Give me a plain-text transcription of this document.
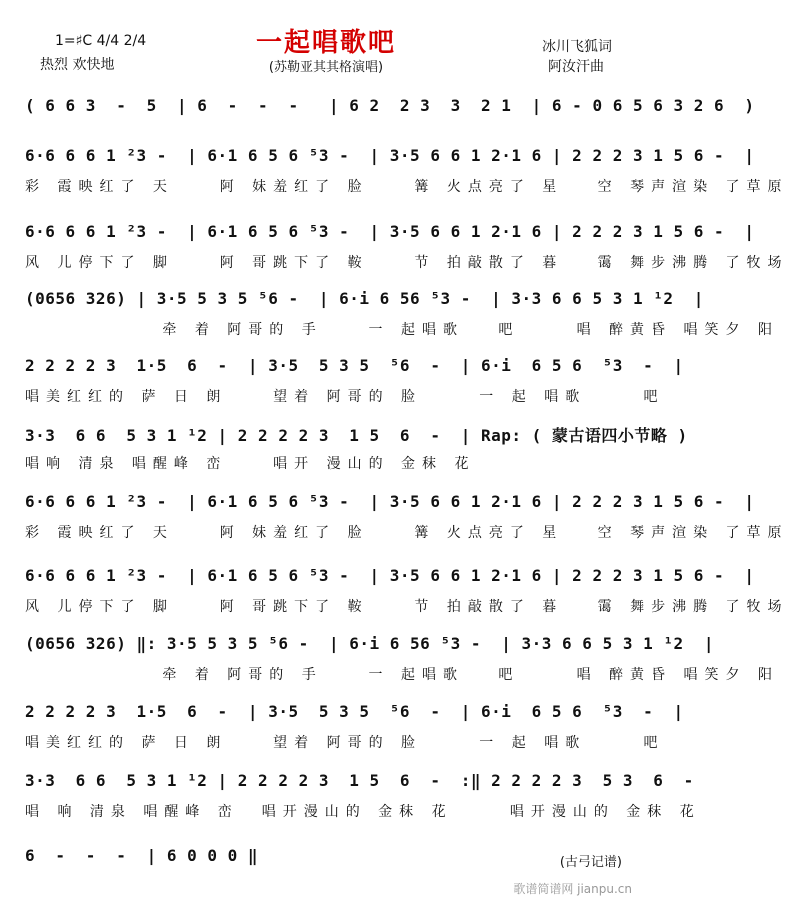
1=♯C 4/4 2/4
热烈 欢快地
一起唱歌吧
(苏勒亚其其格演唱)
冰川飞狐词
阿汝汗曲
( 6 6 3  -  5  | 6  -  -  -   | 6 2  2 3  3  2 1  | 6 - 0 6 5 6 3 2 6  )
6·6 6 6 1 ²3 -  | 6·1 6 5 6 ⁵3 -  | 3·5 6 6 1 2·1 6 | 2 2 2 3 1 5 6 -  |
彩 霞映红了 天    阿 妹羞红了 脸    篝 火点亮了 星   空 琴声渲染 了草原
6·6 6 6 1 ²3 -  | 6·1 6 5 6 ⁵3 -  | 3·5 6 6 1 2·1 6 | 2 2 2 3 1 5 6 -  |
风 儿停下了 脚    阿 哥跳下了 鞍    节 拍敲散了 暮   霭 舞步沸腾 了牧场
(0656 326) | 3·5 5 3 5 ⁵6 -  | 6·i 6 56 ⁵3 -  | 3·3 6 6 5 3 1 ¹2  |
牵 着 阿哥的 手    一 起唱歌   吧     唱 醉黄昏 唱笑夕 阳
2 2 2 2 3  1·5  6  -  | 3·5  5 3 5  ⁵6  -  | 6·i  6 5 6  ⁵3  -  |
唱美红红的 萨 日 朗    望着 阿哥的 脸     一 起 唱歌     吧
3·3  6 6  5 3 1 ¹2 | 2 2 2 2 3  1 5  6  -  | Rap: ( 蒙古语四小节略 )
唱响 清泉 唱醒峰 峦    唱开 漫山的 金秣 花
6·6 6 6 1 ²3 -  | 6·1 6 5 6 ⁵3 -  | 3·5 6 6 1 2·1 6 | 2 2 2 3 1 5 6 -  |
彩 霞映红了 天    阿 妹羞红了 脸    篝 火点亮了 星   空 琴声渲染 了草原
6·6 6 6 1 ²3 -  | 6·1 6 5 6 ⁵3 -  | 3·5 6 6 1 2·1 6 | 2 2 2 3 1 5 6 -  |
风 儿停下了 脚    阿 哥跳下了 鞍    节 拍敲散了 暮   霭 舞步沸腾 了牧场
(0656 326) ‖: 3·5 5 3 5 ⁵6 -  | 6·i 6 56 ⁵3 -  | 3·3 6 6 5 3 1 ¹2  |
牵 着 阿哥的 手    一 起唱歌   吧     唱 醉黄昏 唱笑夕 阳
2 2 2 2 3  1·5  6  -  | 3·5  5 3 5  ⁵6  -  | 6·i  6 5 6  ⁵3  -  |
唱美红红的 萨 日 朗    望着 阿哥的 脸     一 起 唱歌     吧
3·3  6 6  5 3 1 ¹2 | 2 2 2 2 3  1 5  6  -  :‖ 2 2 2 2 3  5 3  6  -
唱 响 清泉 唱醒峰 峦  唱开漫山的 金秣 花     唱开漫山的 金秣 花
6  -  -  -  | 6 0 0 0 ‖	(古弓记谱)
歌谱简谱网 jianpu.cn
